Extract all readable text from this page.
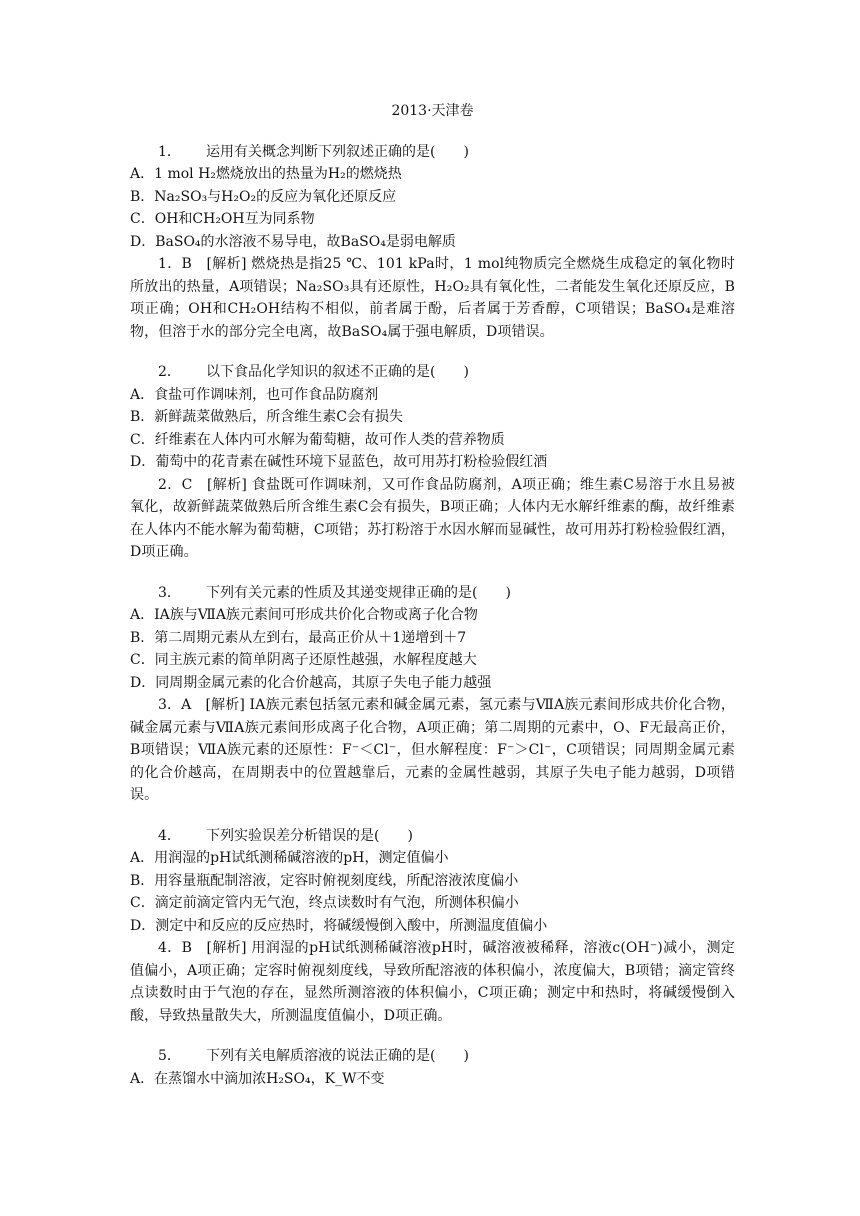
2013·天津卷
1． 运用有关概念判断下列叙述正确的是(　　)
A．1 mol H₂燃烧放出的热量为H₂的燃烧热
B．Na₂SO₃与H₂O₂的反应为氧化还原反应
C．OH和CH₂OH互为同系物
D．BaSO₄的水溶液不易导电，故BaSO₄是弱电解质
1．B　[解析] 燃烧热是指25 ℃、101 kPa时，1 mol纯物质完全燃烧生成稳定的氧化物时所放出的热量，A项错误；Na₂SO₃具有还原性，H₂O₂具有氧化性，二者能发生氧化还原反应，B项正确；OH和CH₂OH结构不相似，前者属于酚，后者属于芳香醇，C项错误；BaSO₄是难溶物，但溶于水的部分完全电离，故BaSO₄属于强电解质，D项错误。
2． 以下食品化学知识的叙述不正确的是(　　)
A．食盐可作调味剂，也可作食品防腐剂
B．新鲜蔬菜做熟后，所含维生素C会有损失
C．纤维素在人体内可水解为葡萄糖，故可作人类的营养物质
D．葡萄中的花青素在碱性环境下显蓝色，故可用苏打粉检验假红酒
2．C　[解析] 食盐既可作调味剂，又可作食品防腐剂，A项正确；维生素C易溶于水且易被氧化，故新鲜蔬菜做熟后所含维生素C会有损失，B项正确；人体内无水解纤维素的酶，故纤维素在人体内不能水解为葡萄糖，C项错；苏打粉溶于水因水解而显碱性，故可用苏打粉检验假红酒，D项正确。
3． 下列有关元素的性质及其递变规律正确的是(　　)
A．ⅠA族与ⅦA族元素间可形成共价化合物或离子化合物
B．第二周期元素从左到右，最高正价从＋1递增到＋7
C．同主族元素的简单阴离子还原性越强，水解程度越大
D．同周期金属元素的化合价越高，其原子失电子能力越强
3．A　[解析] ⅠA族元素包括氢元素和碱金属元素，氢元素与ⅦA族元素间形成共价化合物，碱金属元素与ⅦA族元素间形成离子化合物，A项正确；第二周期的元素中，O、F无最高正价，B项错误；ⅦA族元素的还原性：F⁻＜Cl⁻，但水解程度：F⁻＞Cl⁻，C项错误；同周期金属元素的化合价越高，在周期表中的位置越靠后，元素的金属性越弱，其原子失电子能力越弱，D项错误。
4． 下列实验误差分析错误的是(　　)
A．用润湿的pH试纸测稀碱溶液的pH，测定值偏小
B．用容量瓶配制溶液，定容时俯视刻度线，所配溶液浓度偏小
C．滴定前滴定管内无气泡，终点读数时有气泡，所测体积偏小
D．测定中和反应的反应热时，将碱缓慢倒入酸中，所测温度值偏小
4．B　[解析] 用润湿的pH试纸测稀碱溶液pH时，碱溶液被稀释，溶液c(OH⁻)减小，测定值偏小，A项正确；定容时俯视刻度线，导致所配溶液的体积偏小，浓度偏大，B项错；滴定管终点读数时由于气泡的存在，显然所测溶液的体积偏小，C项正确；测定中和热时，将碱缓慢倒入酸，导致热量散失大，所测温度值偏小，D项正确。
5． 下列有关电解质溶液的说法正确的是(　　)
A．在蒸馏水中滴加浓H₂SO₄，K_W不变
